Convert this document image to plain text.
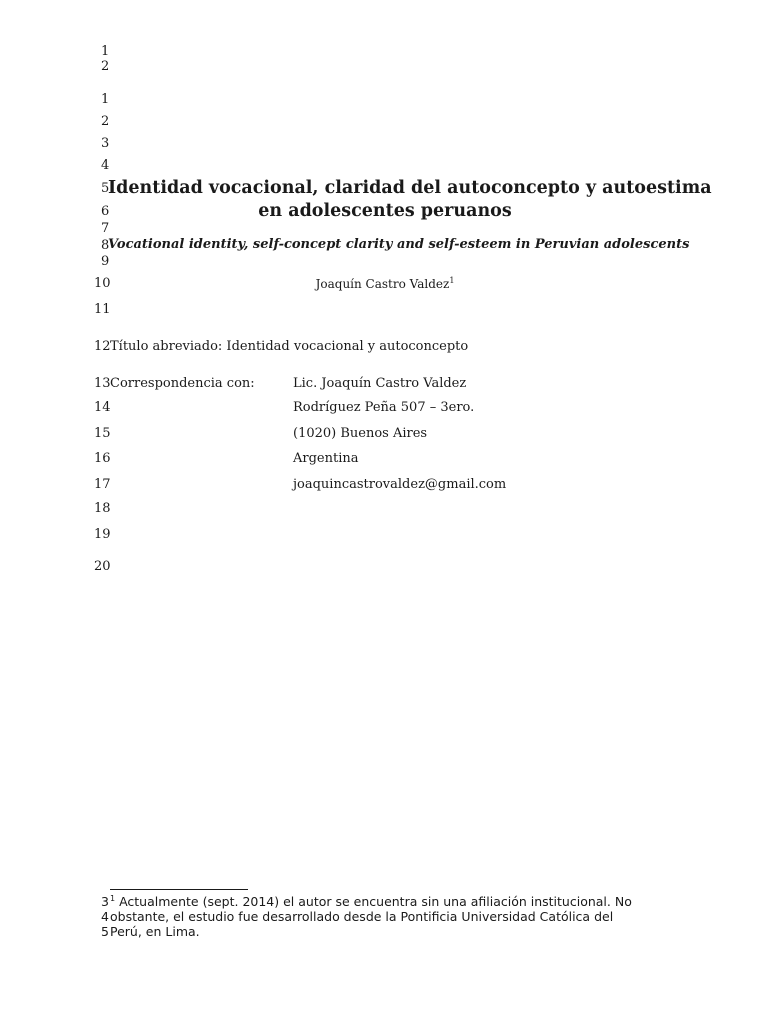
1
2
1
2
3
4
5
6
7
8
9
10
11
12
13
14
15
16
17
18
19
20
Identidad vocacional, claridad del autoconcepto y autoestima
en adolescentes peruanos
Vocational identity, self-concept clarity and self-esteem in Peruvian adolescents
Joaquín Castro Valdez$^1$
Título abreviado: Identidad vocacional y autoconcepto
Correspondencia con:	Lic. Joaquín Castro Valdez
Rodríguez Peña 507 – 3ero.
(1020) Buenos Aires
Argentina
joaquincastrovaldez@gmail.com
3
4
5
$^1$ Actualmente (sept. 2014) el autor se encuentra sin una afiliación institucional. No
obstante, el estudio fue desarrollado desde la Pontificia Universidad Católica del
Perú, en Lima.
